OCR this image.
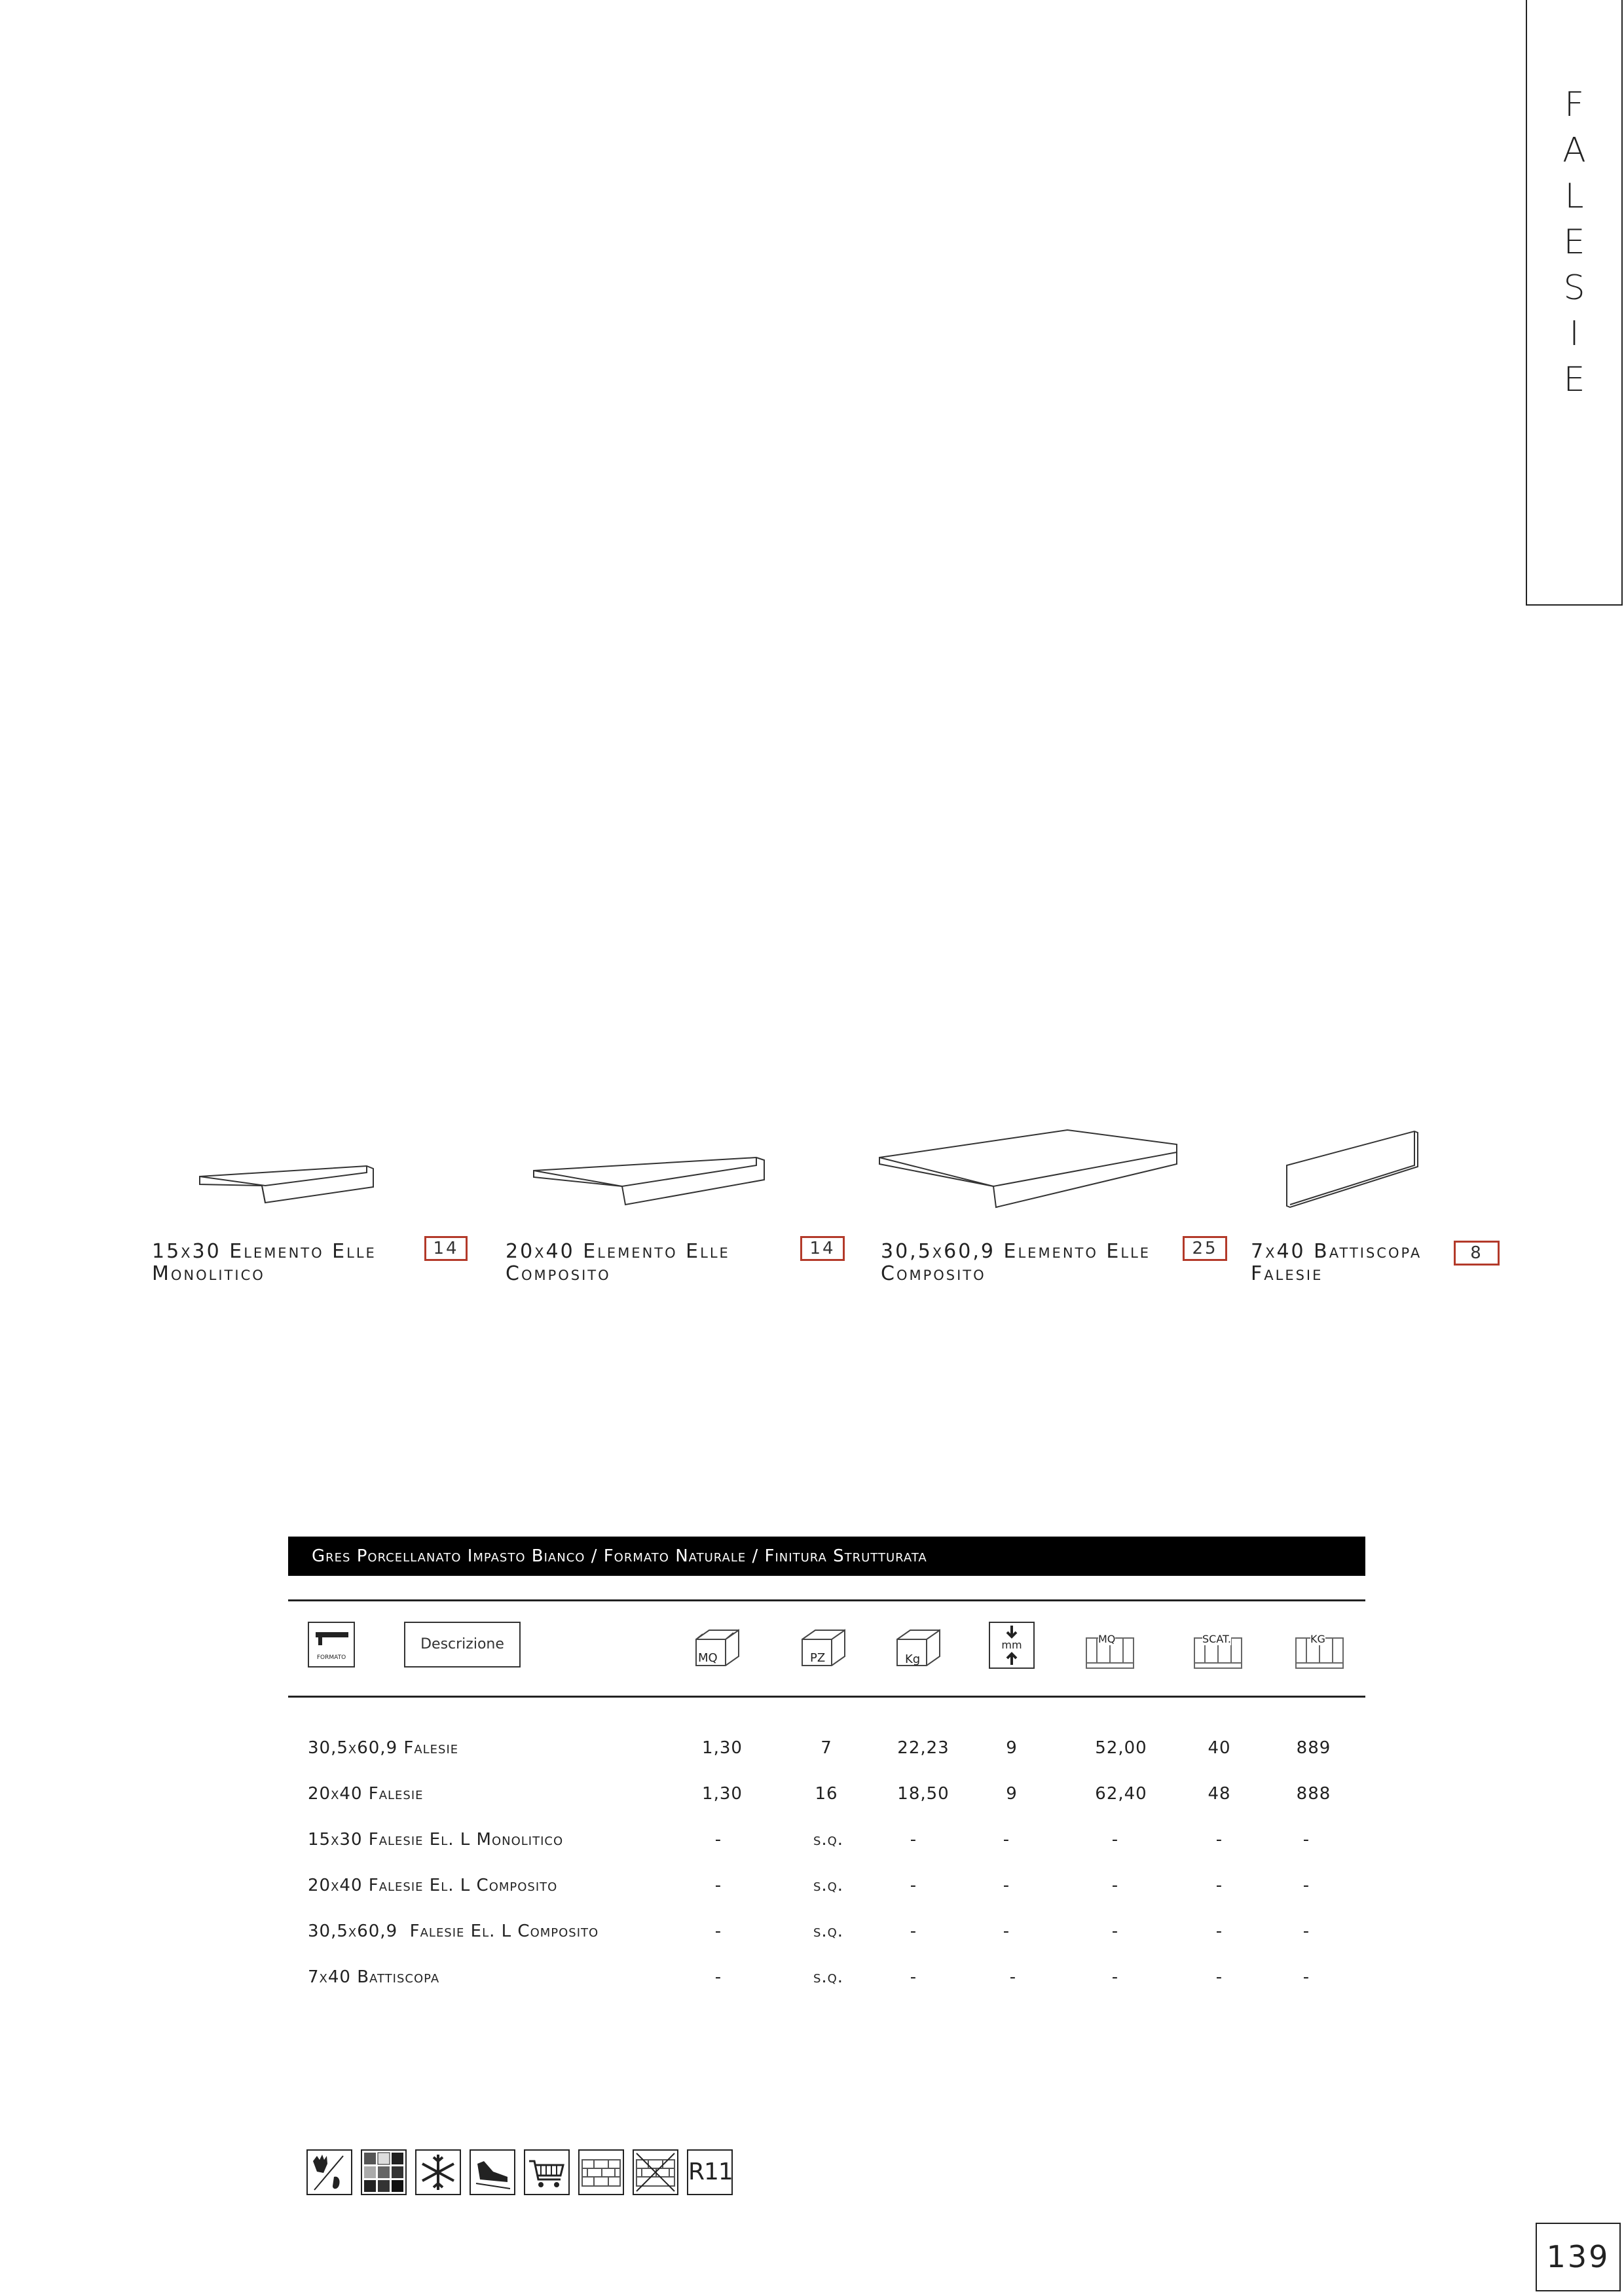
F
A
L
E
S
I
E
15x30 Elemento Elle
Monolitico
14	20x40 Elemento Elle
Composito
14	30,5x60,9 Elemento Elle
Composito
25	7x40 Battiscopa
Falesie
8
Gres Porcellanato Impasto Bianco / Formato Naturale / Finitura Strutturata
FORMATO
Descrizione
MQ	PZ	Kg
mm	MQ	SCAT.	KG
30,5x60,9 Falesie	1,30	7	22,23	9	52,00	40	889
20x40 Falesie	1,30	16	18,50	9	62,40	48	888
15x30 Falesie El. L Monolitico	-	s.q.	-	-	-	-	-
20x40 Falesie El. L Composito	-	s.q.	-	-	-	-	-
30,5x60,9  Falesie El. L Composito	-	s.q.	-	-	-	-	-
7x40 Battiscopa	-	s.q.	-	-	-	-	-
R11
139
